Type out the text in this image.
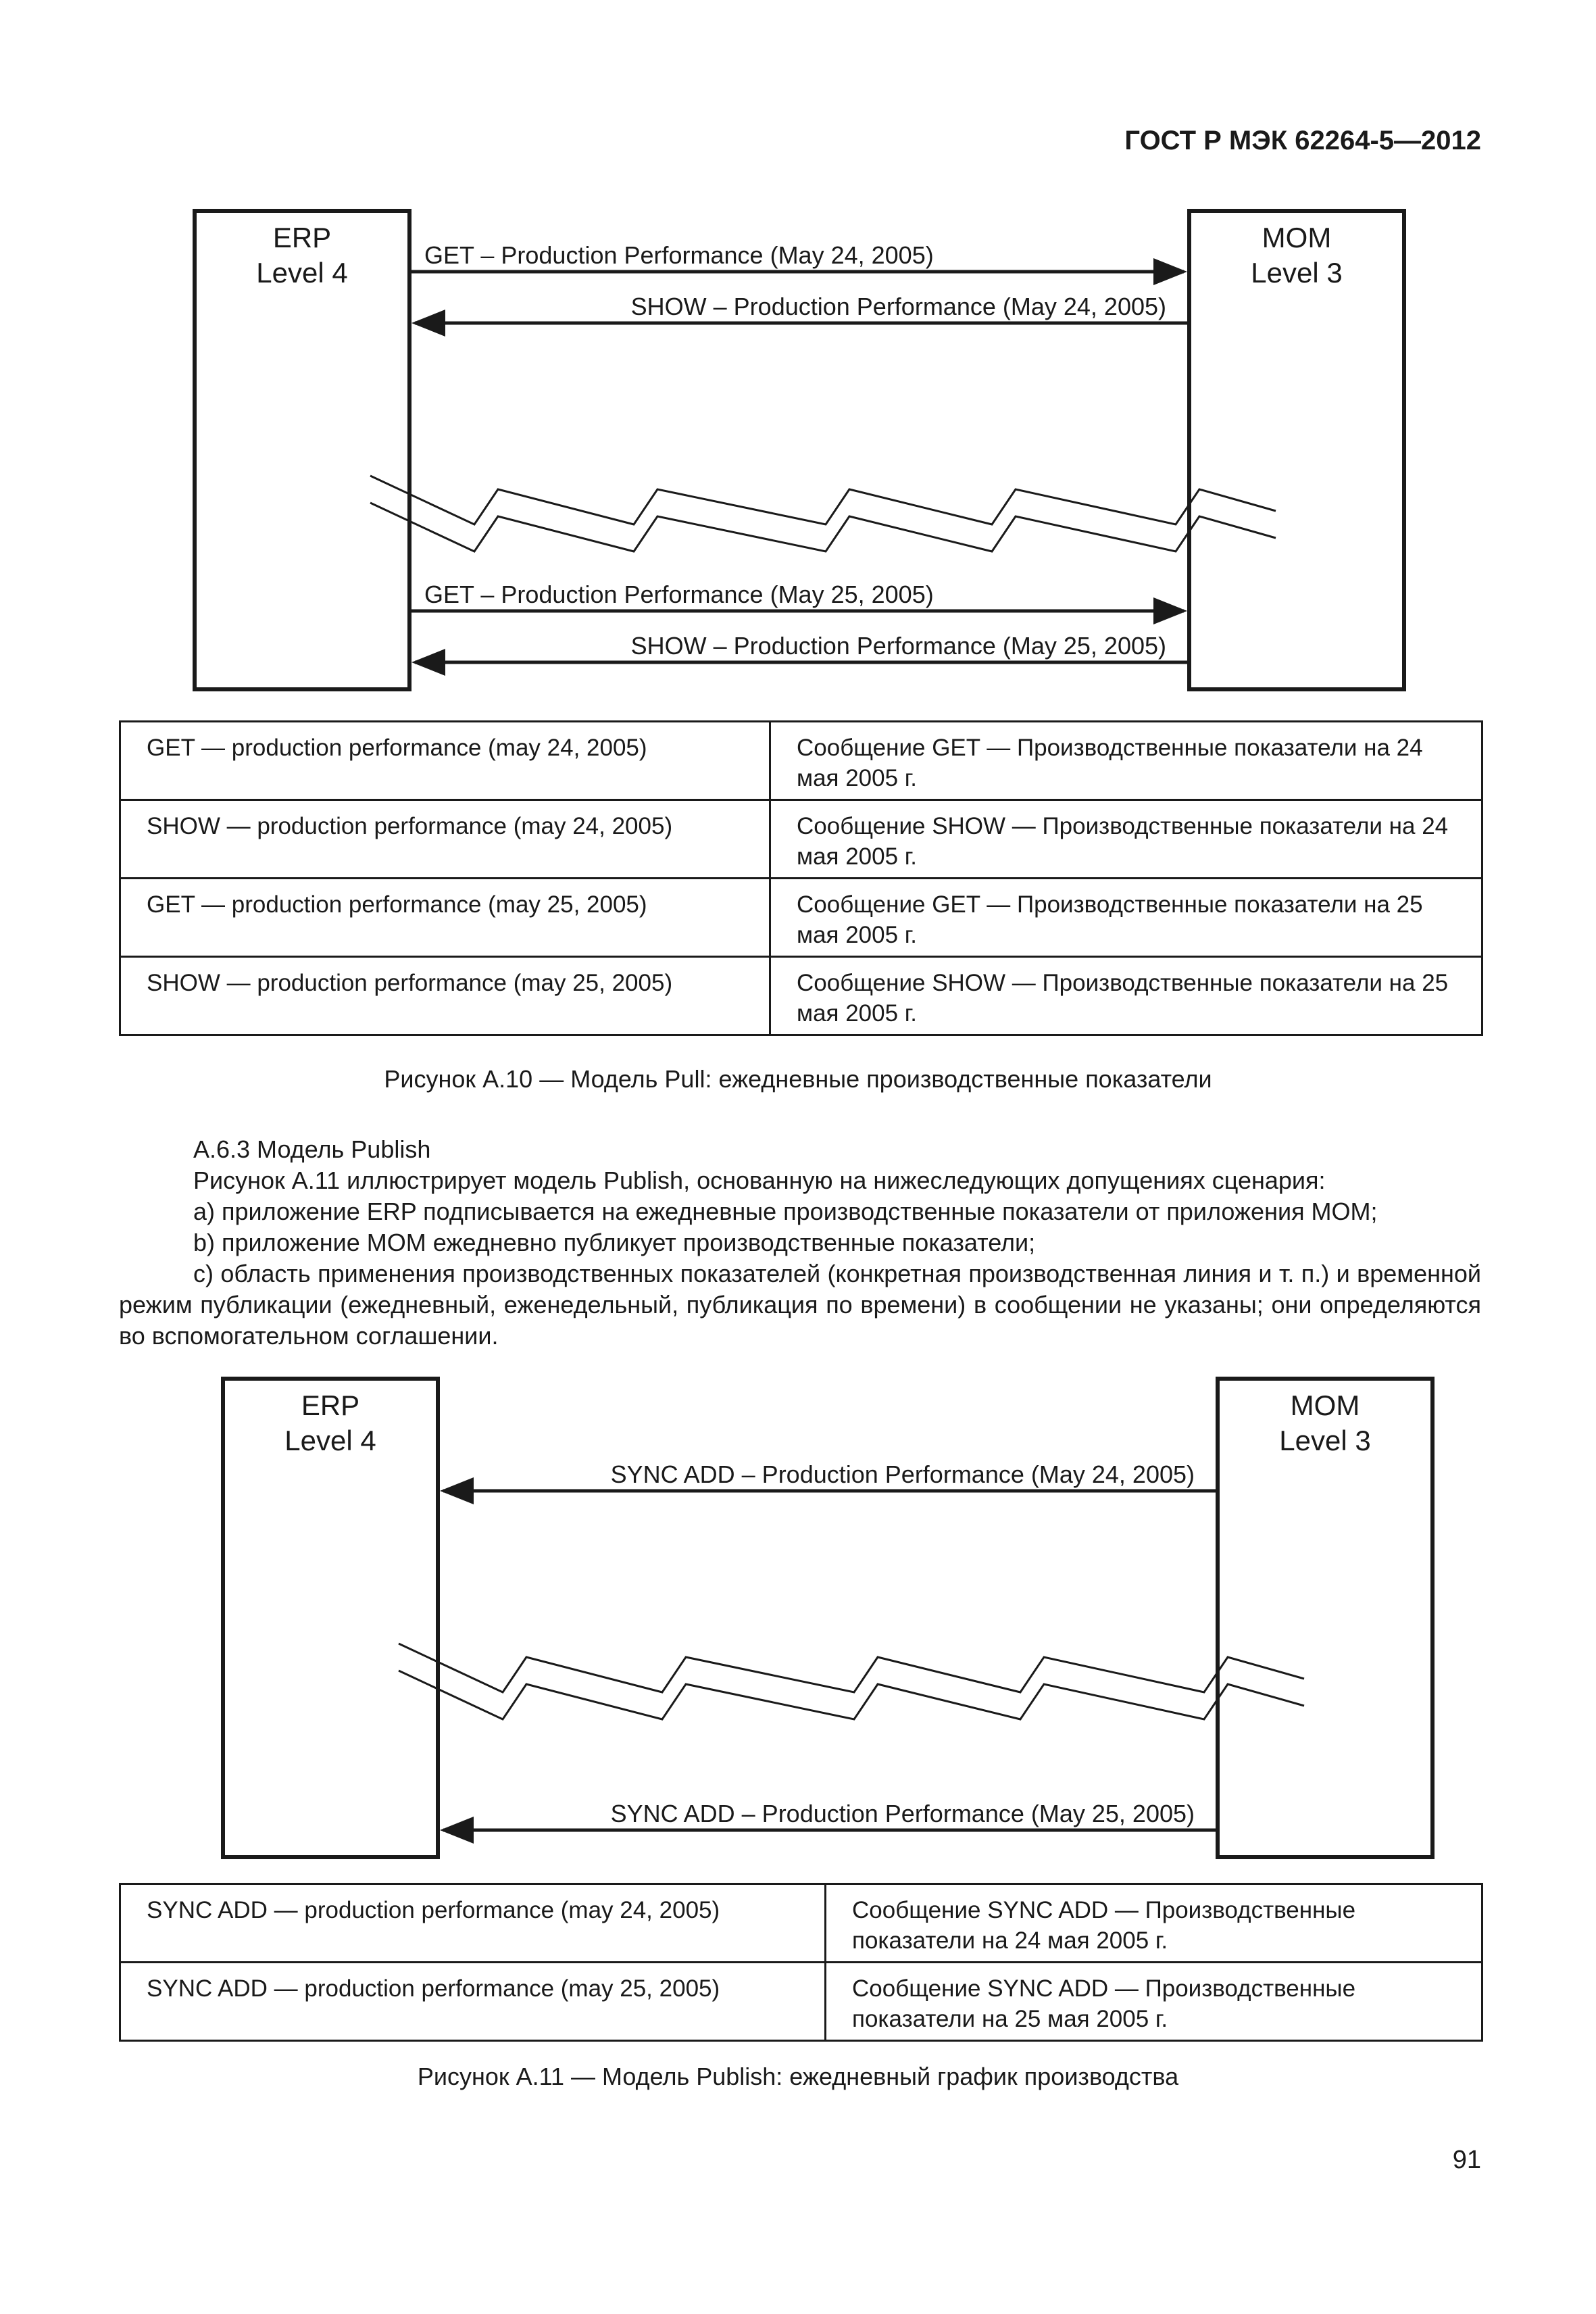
ГОСТ Р МЭК 62264-5—2012
ERP
Level 4
MOM
Level 3
GET – Production Performance (May 24, 2005)
SHOW – Production Performance (May 24, 2005)
GET – Production Performance (May 25, 2005)
SHOW – Production Performance (May 25, 2005)
GET — production performance (may 24, 2005)	Сообщение GET — Производственные показатели на 24 мая 2005 г.
SHOW — production performance (may 24, 2005)	Сообщение SHOW — Производственные показатели на 24 мая 2005 г.
GET — production performance (may 25, 2005)	Сообщение GET — Производственные показатели на 25 мая 2005 г.
SHOW — production performance (may 25, 2005)	Сообщение SHOW — Производственные показатели на 25 мая 2005 г.
Рисунок А.10 — Модель Pull: ежедневные производственные показатели

А.6.3 Модель Publish

Рисунок А.11 иллюстрирует модель Publish, основанную на нижеследующих допущениях сценария:

а) приложение ERP подписывается на ежедневные производственные показатели от приложения МОМ;

b) приложение МОМ ежедневно публикует производственные показатели;

с) область применения производственных показателей (конкретная производственная линия и т. п.) и временной режим публикации (ежедневный, еженедельный, публикация по времени) в сообщении не указаны; они определяются во вспомогательном соглашении.

ERP
Level 4
MOM
Level 3
SYNC ADD – Production Performance (May 24, 2005)
SYNC ADD – Production Performance (May 25, 2005)
SYNC ADD — production performance (may 24, 2005)	Сообщение SYNC ADD — Производственные показатели на 24 мая 2005 г.
SYNC ADD — production performance (may 25, 2005)	Сообщение SYNC ADD — Производственные показатели на 25 мая 2005 г.
Рисунок А.11 — Модель Publish: ежедневный график производства
91
